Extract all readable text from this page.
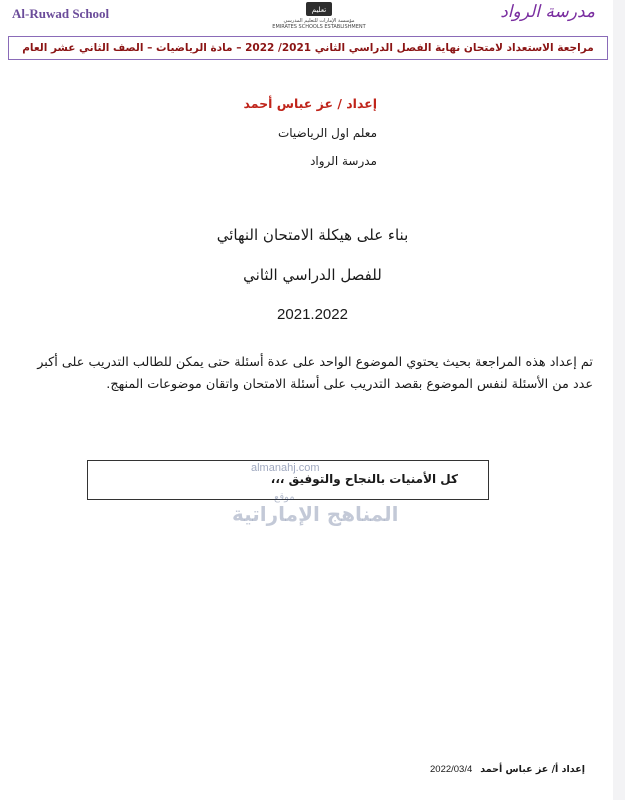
Al-Ruwad School	تعليم
مؤسسة الإمارات للتعليم المدرسي
EMIRATES SCHOOLS ESTABLISHMENT
مدرسة الرواد
مراجعة الاستعداد لامتحان نهاية الفصل الدراسي الثاني 2021/ 2022 – مادة الرياضيات – الصف الثاني عشر العام
إعداد / عز عباس أحمد
معلم اول الرياضيات
مدرسة الرواد
بناء على هيكلة الامتحان النهائي
للفصل الدراسي الثاني
2021.2022
تم إعداد هذه المراجعة بحيث يحتوي الموضوع الواحد على عدة أسئلة حتى يمكن للطالب التدريب على أكبر عدد من الأسئلة لنفس الموضوع بقصد التدريب على أسئلة الامتحان واتقان موضوعات المنهج.
كل الأمنيات بالنجاح والتوفيق ،،،
almanahj.com
موقع
المناهج الإماراتية
2022/03/4 إعداد أ/ عز عباس أحمد
